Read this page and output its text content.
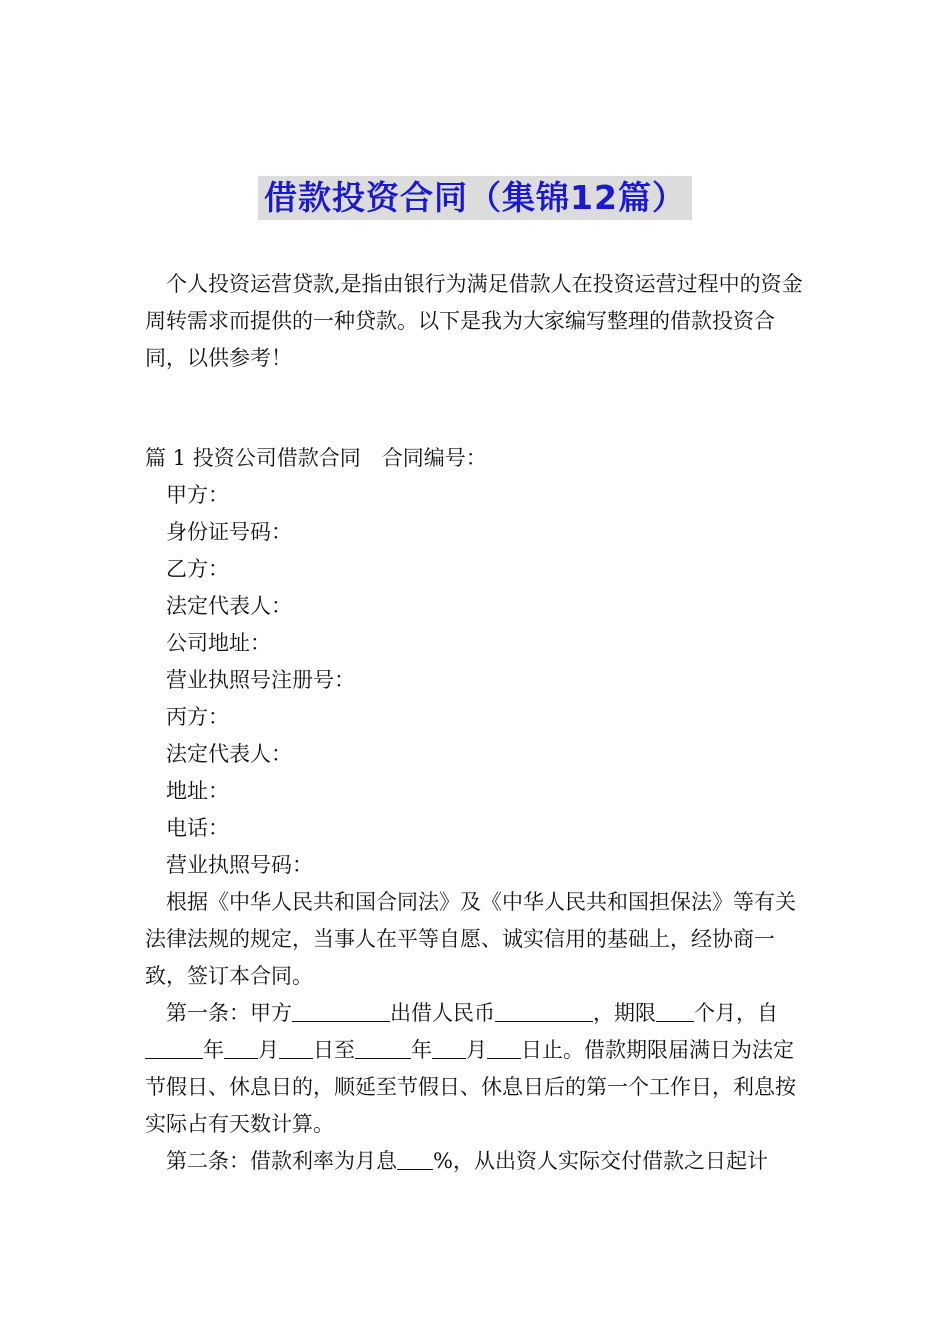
借款投资合同（集锦12篇）

个人投资运营贷款,是指由银行为满足借款人在投资运营过程中的资金周转需求而提供的一种贷款。以下是我为大家编写整理的借款投资合同，以供参考！

篇 1 投资公司借款合同　合同编号：

甲方：

身份证号码：

乙方：

法定代表人：

公司地址：

营业执照号注册号：

丙方：

法定代表人：

地址：

电话：

营业执照号码：

根据《中华人民共和国合同法》及《中华人民共和国担保法》等有关法律法规的规定，当事人在平等自愿、诚实信用的基础上，经协商一致，签订本合同。

第一条：甲方	出借人民币	，期限 个月，自年 月 日至	年 月 日止。借款期限届满日为法定节假日、休息日的，顺延至节假日、休息日后的第一个工作日，利息按实际占有天数计算。

第二条：借款利率为月息 %，从出资人实际交付借款之日起计
